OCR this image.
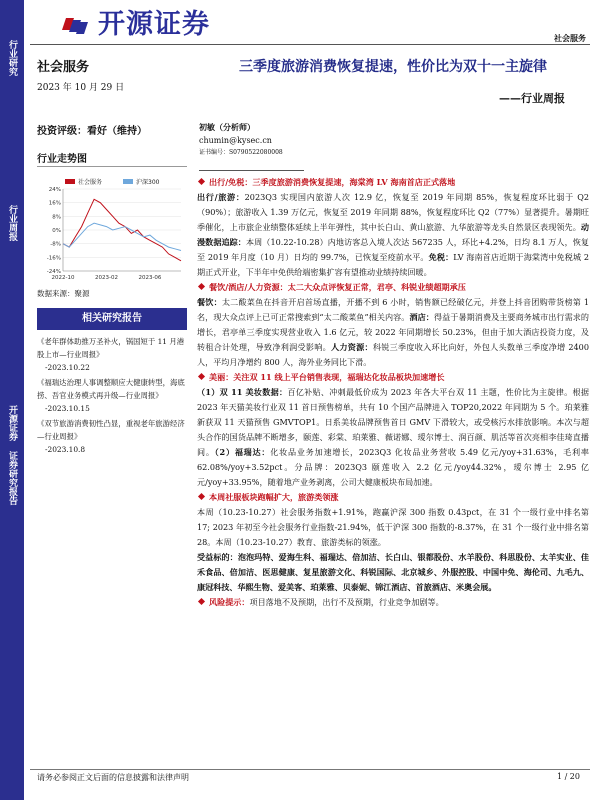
行业研究
行业周报
开源证券 证券研究报告
开源证券	社会服务
社会服务
2023 年 10 月 29 日
投资评级：看好（维持）
行业走势图
社会服务	沪深300
24%
16%
8%
0%
-8%
-16%
-24%
2022-10	2023-02	2023-06
数据来源：聚源
相关研究报告
《老年群体助推万圣补火，锅国短于 11 月港股上市—行业周报》
-2023.10.22
《福瑞达治理人事调整顺应大健康转型，海底捞、吾官业务模式再升级—行业周报》
-2023.10.15
《双节旅游消费韧性凸显，重视老年旅游经济—行业周报》
-2023.10.8
三季度旅游消费恢复提速，性价比为双十一主旋律
——行业周报
初敏（分析师）
chumin@kysec.cn
证书编号：S0790522080008

出行/免税：三季度旅游消费恢复提速，海棠湾 LV 海南首店正式落地

出行/旅游：2023Q3 实现国内旅游人次 12.9 亿，恢复至 2019 年同期 85%，恢复程度环比弱于 Q2（90%）；旅游收入 1.39 万亿元，恢复至 2019 年同期 88%，恢复程度环比 Q2（77%）显著提升。暑期旺季催化，上市旅企业绩整体延续上半年弹性，其中长白山、黄山旅游、九华旅游等龙头自然景区表现领先。动漫数据追踪：本周（10.22-10.28）内地访客总入境人次达 567235 人，环比+4.2%，日均 8.1 万人，恢复至 2019 年月度（10 月）日均的 99.7%，已恢复至疫前水平。免税：LV 海南首店近期于海棠湾中免税城 2 期正式开业，下半年中免供给端密集扩容有望推动业绩持续回暖。

餐饮/酒店/人力资源：太二大众点评恢复正常，君亭、科锐业绩超期承压

餐饮：太二酸菜鱼在抖音开启首场直播，开播不到 6 小时，销售额已经破亿元，并登上抖音团购带货榜第 1 名，现大众点评上已可正常搜索到“太二酸菜鱼”相关内容。酒店：得益于暑期消费及主要商务城市出行需求的增长，君亭单三季度实现营业收入 1.6 亿元，较 2022 年同期增长 50.23%，但由于加大酒店投资力度，及转租合计处理，导致净利润受影响。人力资源：科锐三季度收入环比向好，外包人头数单三季度净增 2400 人，平均月净增约 800 人，海外业务同比下滑。

美丽：关注双 11 线上平台销售表现，福瑞达化妆品板块加速增长

（1）双 11 美妆数据：百亿补贴、冲刺最低价成为 2023 年各大平台双 11 主题，性价比为主旋律。根据 2023 年天猫美妆行业双 11 首日预售榜单，共有 10 个国产品牌进入 TOP20,2022 年同期为 5 个。珀莱雅新获双 11 天猫预售 GMVTOP1。日系美妆品牌预售首日 GMV 下滑较大，或受核污水排放影响。本次与超头合作的国货品牌不断增多，颐莲、彩棠、珀莱雅、薇诺娜、瑷尔博士、润百颜、肌活等首次亮相李佳琦直播间。（2）福瑞达：化妆品业务加速增长，2023Q3 化妆品业务营收 5.49 亿元/yoy+31.63%，毛利率 62.08%/yoy+3.52pct。分品牌：2023Q3 颐莲收入 2.2 亿元/yoy44.32%，瑷尔博士 2.95 亿元/yoy+33.95%，随着地产业务剥离，公司大健康板块布局加速。

本周社服板块跑幅扩大，旅游类领涨

本周（10.23-10.27）社会服务指数+1.91%，跑赢沪深 300 指数 0.43pct，在 31 个一级行业中排名第 17; 2023 年初至今社会服务行业指数-21.94%，低于沪深 300 指数的-8.37%，在 31 个一级行业中排名第 28。本周（10.23-10.27）教育、旅游类标的领涨。

受益标的：泡泡玛特、爱海生科、福瑞达、倍加洁、长白山、银都股份、水羊股份、科思股份、太羊实业、佳禾食品、倍加洁、医思健康、复星旅游文化、科锐国际、北京城乡、外服控股、中国中免、海伦司、九毛九、康冠科技、华熙生物、爱美客、珀莱雅、贝泰妮、锦江酒店、首旅酒店、米奥会展。

风险提示：项目落地不及预期，出行不及预期，行业竞争加剧等。

请务必参阅正文后面的信息披露和法律声明	1 / 20
